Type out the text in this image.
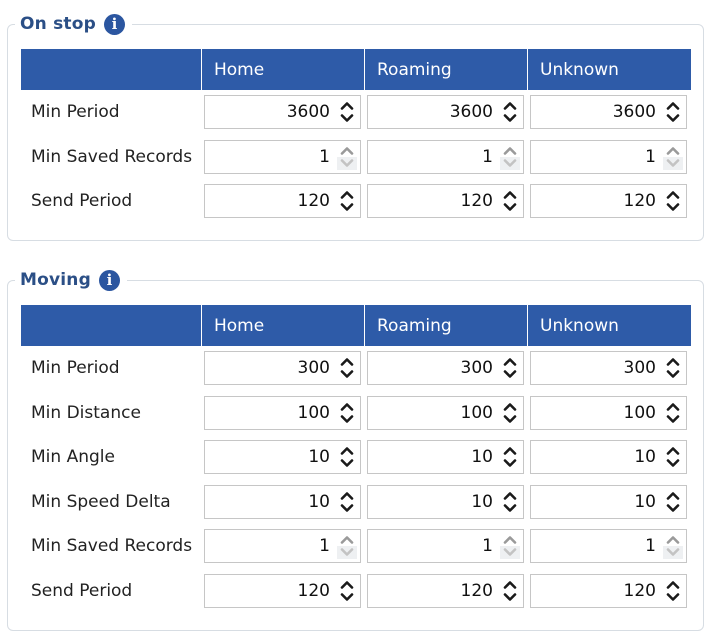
On stop	i
	Home	Roaming	Unknown
Min Period	3600	3600	3600

Min Saved Records	1	1	1

Send Period	120	120	120
Moving	i
	Home	Roaming	Unknown
Min Period	300	300	300

Min Distance	100	100	100

Min Angle	10	10	10

Min Speed Delta	10	10	10

Min Saved Records	1	1	1

Send Period	120	120	120
